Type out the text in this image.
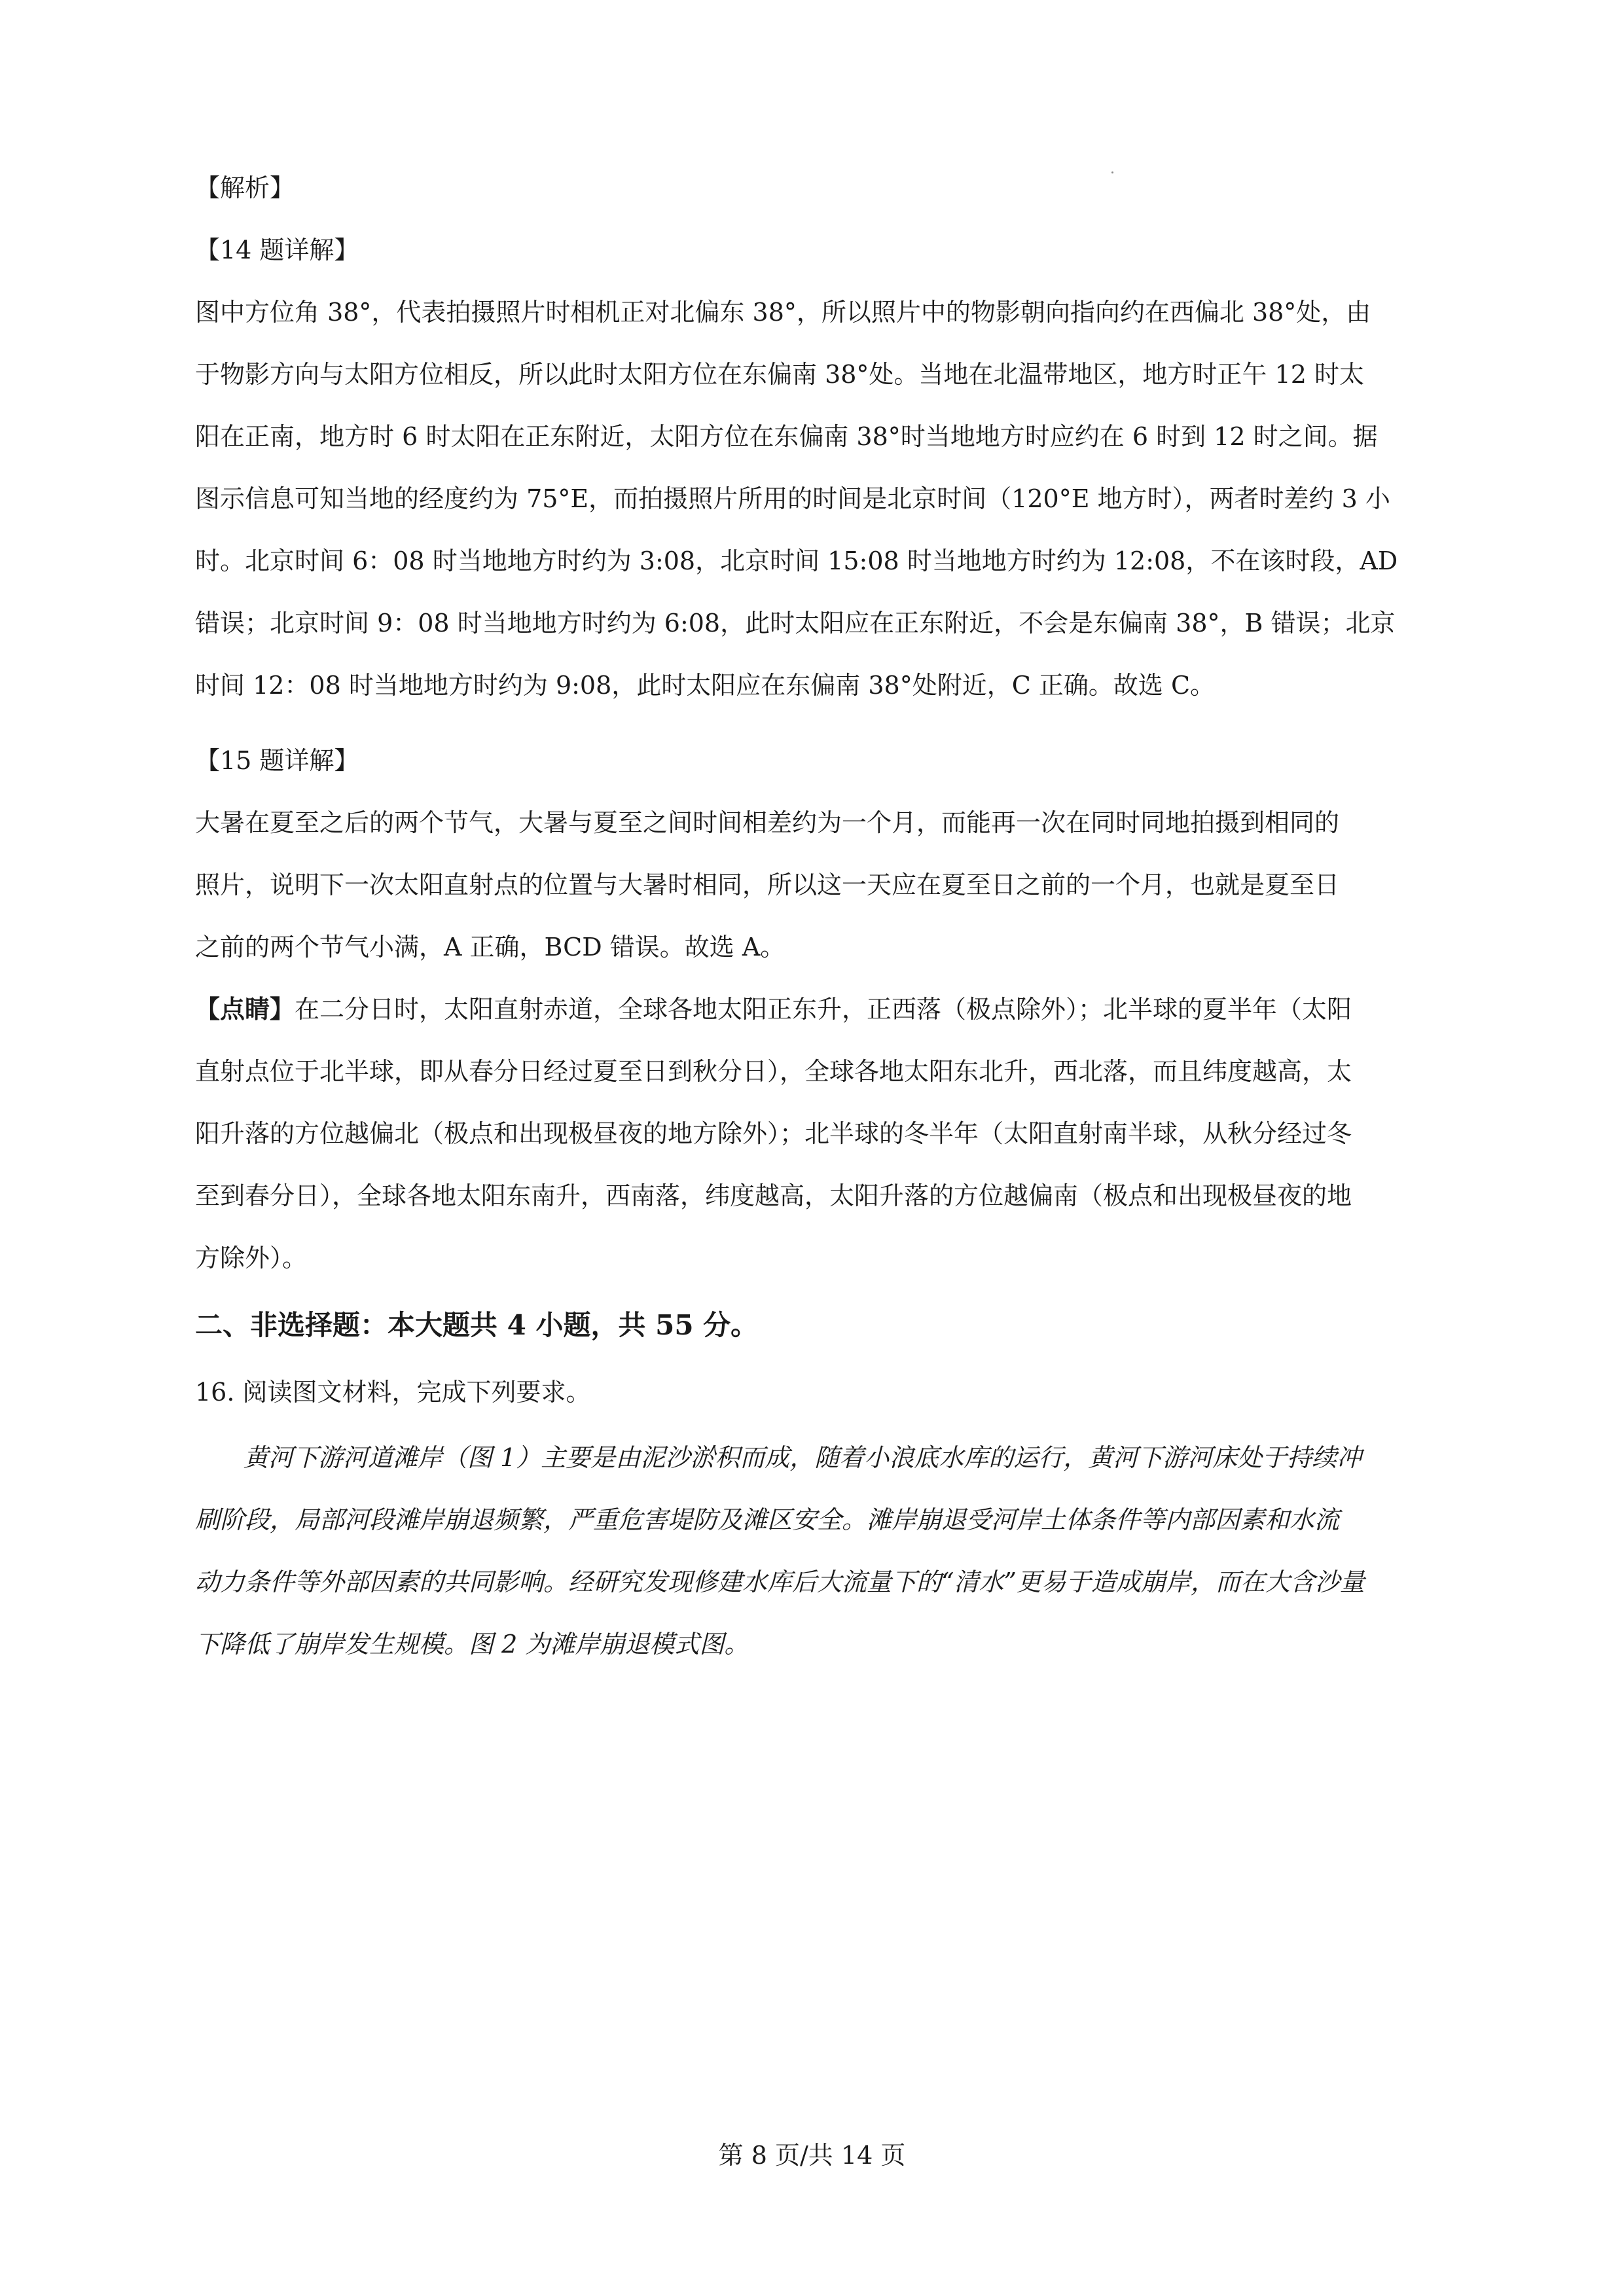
【解析】
【14 题详解】
图中方位角 38°，代表拍摄照片时相机正对北偏东 38°，所以照片中的物影朝向指向约在西偏北 38°处，由
于物影方向与太阳方位相反，所以此时太阳方位在东偏南 38°处。当地在北温带地区，地方时正午 12 时太
阳在正南，地方时 6 时太阳在正东附近，太阳方位在东偏南 38°时当地地方时应约在 6 时到 12 时之间。据
图示信息可知当地的经度约为 75°E，而拍摄照片所用的时间是北京时间（120°E 地方时），两者时差约 3 小
时。北京时间 6：08 时当地地方时约为 3:08，北京时间 15:08 时当地地方时约为 12:08，不在该时段，AD
错误；北京时间 9：08 时当地地方时约为 6:08，此时太阳应在正东附近，不会是东偏南 38°，B 错误；北京
时间 12：08 时当地地方时约为 9:08，此时太阳应在东偏南 38°处附近，C 正确。故选 C。
【15 题详解】
大暑在夏至之后的两个节气，大暑与夏至之间时间相差约为一个月，而能再一次在同时同地拍摄到相同的
照片，说明下一次太阳直射点的位置与大暑时相同，所以这一天应在夏至日之前的一个月，也就是夏至日
之前的两个节气小满，A 正确，BCD 错误。故选 A。
【点睛】在二分日时，太阳直射赤道，全球各地太阳正东升，正西落（极点除外）；北半球的夏半年（太阳
直射点位于北半球，即从春分日经过夏至日到秋分日），全球各地太阳东北升，西北落，而且纬度越高，太
阳升落的方位越偏北（极点和出现极昼夜的地方除外）；北半球的冬半年（太阳直射南半球，从秋分经过冬
至到春分日），全球各地太阳东南升，西南落，纬度越高，太阳升落的方位越偏南（极点和出现极昼夜的地
方除外）。
二、非选择题：本大题共 4 小题，共 55 分。
16. 阅读图文材料，完成下列要求。
黄河下游河道滩岸（图 1）主要是由泥沙淤积而成，随着小浪底水库的运行，黄河下游河床处于持续冲
刷阶段，局部河段滩岸崩退频繁，严重危害堤防及滩区安全。滩岸崩退受河岸土体条件等内部因素和水流
动力条件等外部因素的共同影响。经研究发现修建水库后大流量下的“清水”更易于造成崩岸，而在大含沙量
下降低了崩岸发生规模。图 2 为滩岸崩退模式图。
第 8 页/共 14 页
